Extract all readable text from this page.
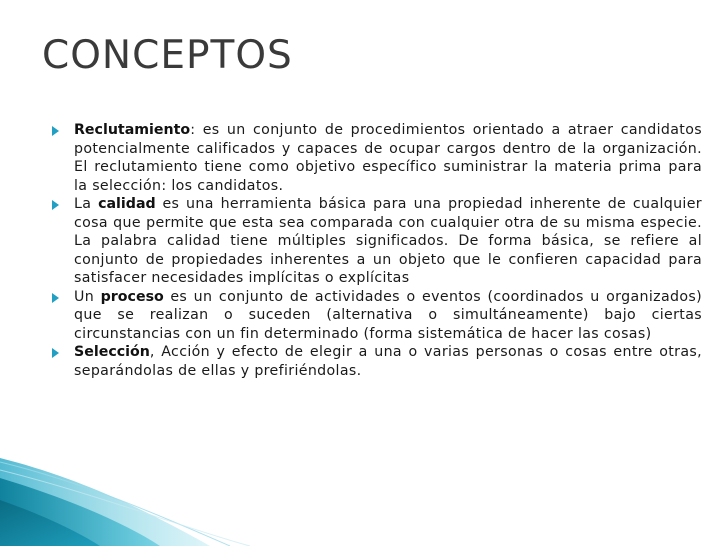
CONCEPTOS
Reclutamiento: es un conjunto de procedimientos orientado a atraer candidatos potencialmente calificados y capaces de ocupar cargos dentro de la organización. El reclutamiento tiene como objetivo específico suministrar la materia prima para la selección: los candidatos.
La calidad es una herramienta básica para una propiedad inherente de cualquier cosa que permite que esta sea comparada con cualquier otra de su misma especie. La palabra calidad tiene múltiples significados. De forma básica, se refiere al conjunto de propiedades inherentes a un objeto que le confieren capacidad para satisfacer necesidades implícitas o explícitas
Un proceso es un conjunto de actividades o eventos (coordinados u organizados) que se realizan o suceden (alternativa o simultáneamente) bajo ciertas circunstancias con un fin determinado (forma sistemática de hacer las cosas)
Selección, Acción y efecto de elegir a una o varias personas o cosas entre otras, separándolas de ellas y prefiriéndolas.
